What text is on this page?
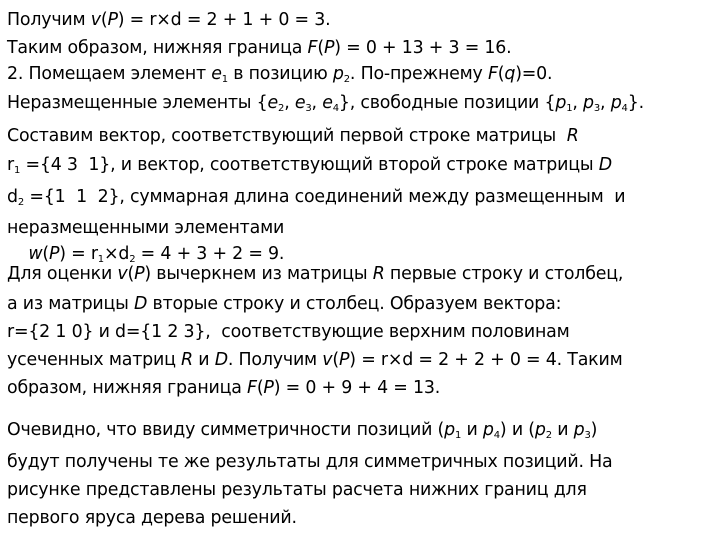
Получим v(P) = r×d = 2 + 1 + 0 = 3.
Таким образом, нижняя граница F(P) = 0 + 13 + 3 = 16.
2. Помещаем элемент $e_1$ в позицию $p_2$. По-прежнему F(q)=0.
Неразмещенные элементы {$e_2$, $e_3$, $e_4$}, свободные позиции {$p_1$, $p_3$, $p_4$}.
Составим вектор, соответствующий первой строке матрицы  R
$r_1 =\{4$ 3  1}, и вектор, соответствующий второй строке матрицы D
$d_2 =\{1$  1  2}, суммарная длина соединений между размещенным  и
неразмещенными элементами
$w(P) = r_1\times d_2 = 4 + 3 + 2 = 9$.
Для оценки v(P) вычеркнем из матрицы R первые строку и столбец,
а из матрицы D вторые строку и столбец. Образуем вектора:
r={2 1 0} и d={1 2 3},  соответствующие верхним половинам
усеченных матриц R и D. Получим v(P) = r×d = 2 + 2 + 0 = 4. Таким
образом, нижняя граница F(P) = 0 + 9 + 4 = 13.
Очевидно, что ввиду симметричности позиций ($p_1$ и $p_4$) и ($p_2$ и $p_3$)
будут получены те же результаты для симметричных позиций. На
рисунке представлены результаты расчета нижних границ для
первого яруса дерева решений.
